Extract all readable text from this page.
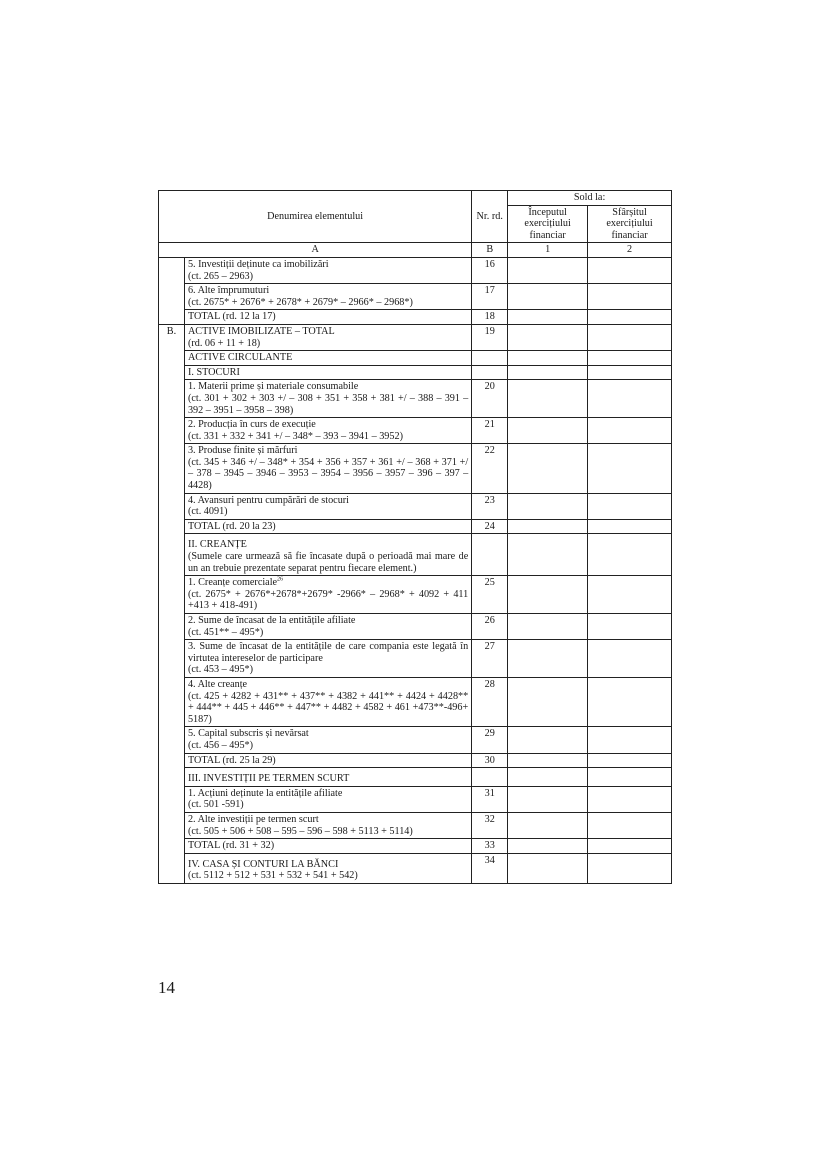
Denumirea elementului		Nr. rd.	Sold la:	
			Începutul exercițiului financiar	Sfârșitul exercițiului financiar
A		B	1	2
	5. Investiții deținute ca imobilizări
(ct. 265 – 2963)	16		
	6. Alte împrumuturi
(ct. 2675* + 2676* + 2678* + 2679* – 2966* – 2968*)	17		
	TOTAL (rd. 12 la 17)	18		
B.	ACTIVE IMOBILIZATE – TOTAL
(rd. 06 + 11 + 18)	19		
	ACTIVE CIRCULANTE			
	I. STOCURI			
	1. Materii prime și materiale consumabile
(ct. 301 + 302 + 303 +/ – 308 + 351 + 358 + 381 +/ – 388 – 391 – 392 – 3951 – 3958 – 398)	20		
	2. Producția în curs de execuție
(ct. 331 + 332 + 341 +/ – 348* – 393 – 3941 – 3952)	21		
	3. Produse finite și mărfuri
(ct. 345 + 346 +/ – 348* + 354 + 356 + 357 + 361 +/ – 368 + 371 +/ – 378 – 3945 – 3946 – 3953 – 3954 – 3956 – 3957 – 396 – 397 – 4428)	22		
	4. Avansuri pentru cumpărări de stocuri
(ct. 4091)	23		
	TOTAL (rd. 20 la 23)	24		
	II. CREANȚE
(Sumele care urmează să fie încasate după o perioadă mai mare de un an trebuie prezentate separat pentru fiecare element.)			

	1. Creanțe comerciale$^{26}$
(ct. 2675* + 2676*+2678*+2679* -2966* – 2968* + 4092 + 411 +413 + 418-491)	25		
	2. Sume de încasat de la entitățile afiliate
(ct. 451** – 495*)	26		
	3. Sume de încasat de la entitățile de care compania este legată în virtutea intereselor de participare
(ct. 453 – 495*)	27		
	4. Alte creanțe
(ct. 425 + 4282 + 431** + 437** + 4382 + 441** + 4424 + 4428** + 444** + 445 + 446** + 447** + 4482 + 4582 + 461 +473**-496+ 5187)	28		
	5. Capital subscris și nevărsat
(ct. 456 – 495*)	29		
	TOTAL (rd. 25 la 29)	30		
	III. INVESTIȚII PE TERMEN SCURT			
	1. Acțiuni deținute la entitățile afiliate
(ct. 501 -591)	31		
	2. Alte investiții pe termen scurt
(ct. 505 + 506 + 508 – 595 – 596 – 598 + 5113 + 5114)	32		
	TOTAL (rd. 31 + 32)	33		
	IV. CASA ȘI CONTURI LA BĂNCI
(ct. 5112 + 512 + 531 + 532 + 541 + 542)	34		
14
